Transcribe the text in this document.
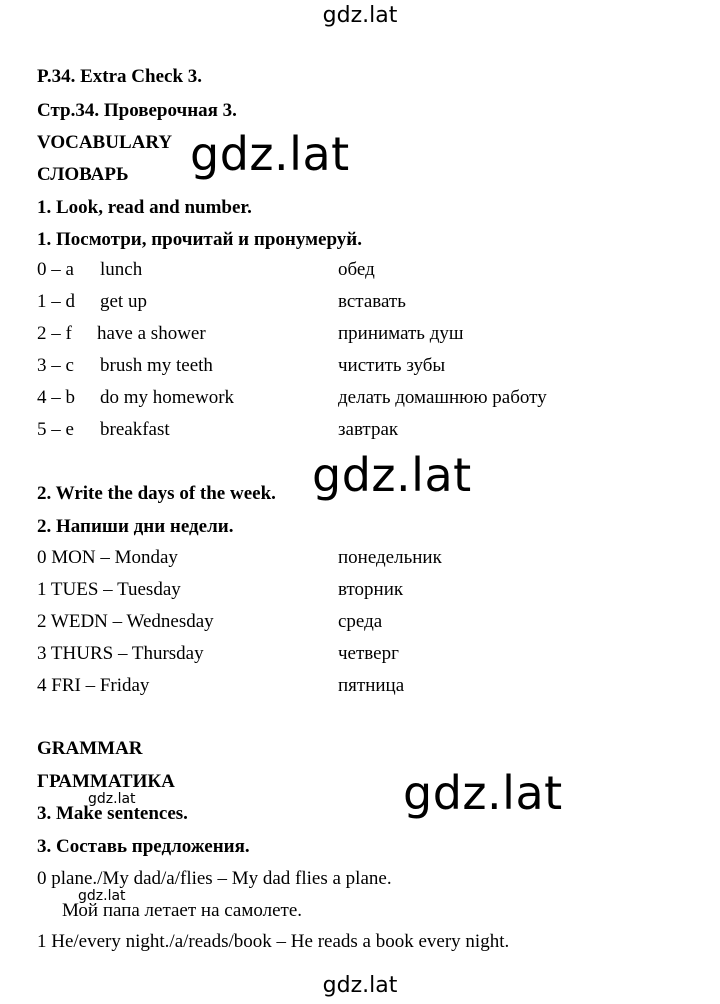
gdz.lat
gdz.lat
gdz.lat
gdz.lat
gdz.lat
gdz.lat
gdz.lat
P.34. Extra Check 3.
Стр.34. Проверочная 3.
VOCABULARY
СЛОВАРЬ
1. Look, read and number.
1. Посмотри, прочитай и пронумеруй.
0 – a lunch	обед
1 – d get up	вставать
2 – f have a shower	принимать душ
3 – c brush my teeth	чистить зубы
4 – b do my homework	делать домашнюю работу
5 – e breakfast	завтрак
2. Write the days of the week.
2. Напиши дни недели.
0 MON – Monday	понедельник
1 TUES – Tuesday	вторник
2 WEDN – Wednesday	среда
3 THURS – Thursday	четверг
4 FRI – Friday	пятница
GRAMMAR
ГРАММАТИКА
3. Make sentences.
3. Составь предложения.
0 plane./My dad/a/flies – My dad flies a plane.
Мой папа летает на самолете.
1 He/every night./a/reads/book – He reads a book every night.
